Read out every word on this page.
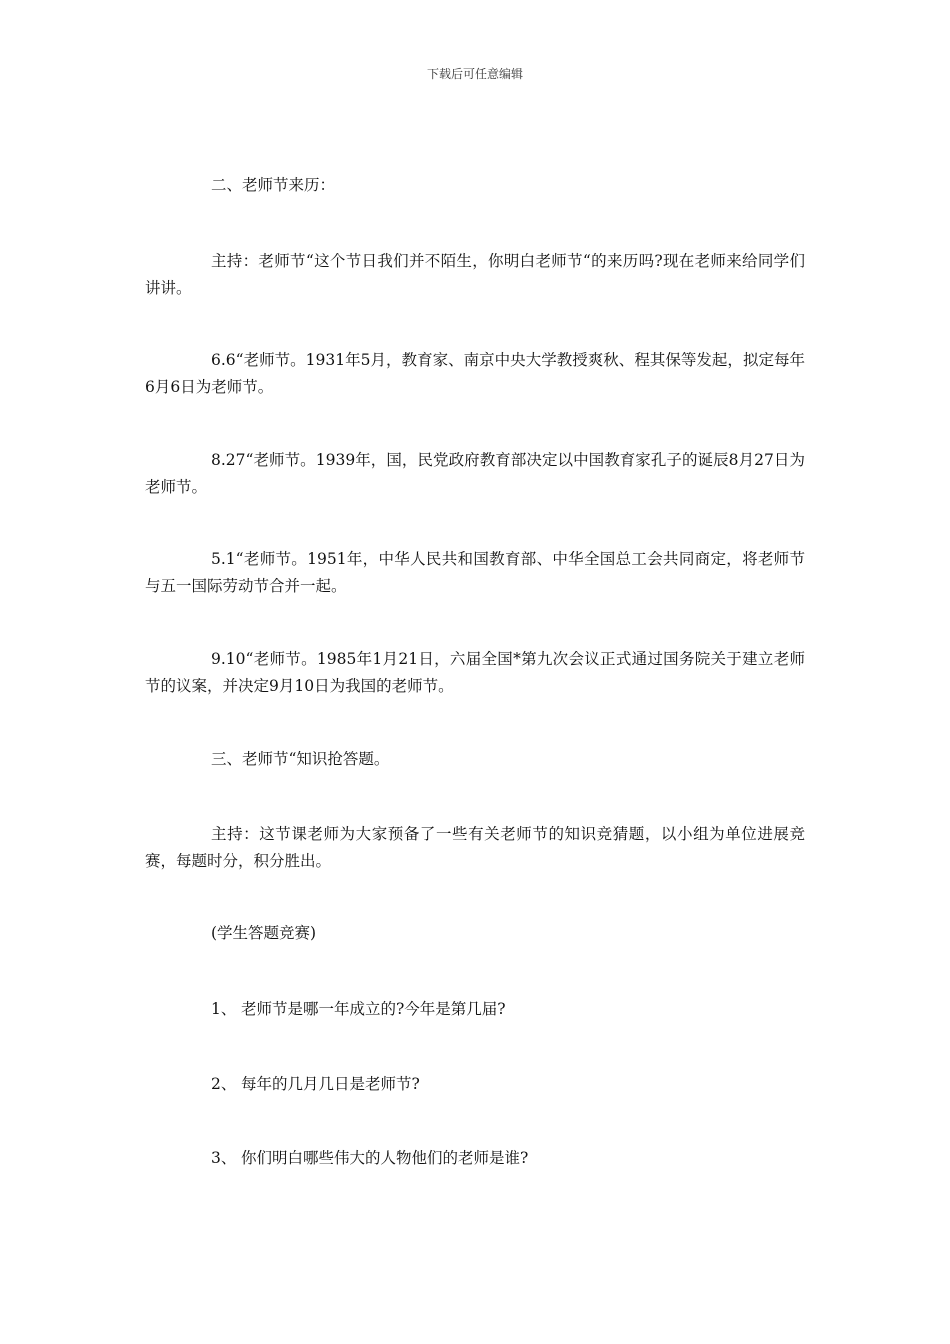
下载后可任意编辑

二、老师节来历：

主持：老师节“这个节日我们并不陌生，你明白老师节“的来历吗?现在老师来给同学们讲讲。

6.6“老师节。1931年5月，教育家、南京中央大学教授爽秋、程其保等发起，拟定每年6月6日为老师节。

8.27“老师节。1939年，国，民党政府教育部决定以中国教育家孔子的诞辰8月27日为老师节。

5.1“老师节。1951年，中华人民共和国教育部、中华全国总工会共同商定，将老师节与五一国际劳动节合并一起。

9.10“老师节。1985年1月21日，六届全国*第九次会议正式通过国务院关于建立老师节的议案，并决定9月10日为我国的老师节。

三、老师节“知识抢答题。

主持：这节课老师为大家预备了一些有关老师节的知识竞猜题，以小组为单位进展竞赛，每题时分，积分胜出。

(学生答题竞赛)

1、 老师节是哪一年成立的?今年是第几届?
2、 每年的几月几日是老师节?
3、 你们明白哪些伟大的人物他们的老师是谁?
